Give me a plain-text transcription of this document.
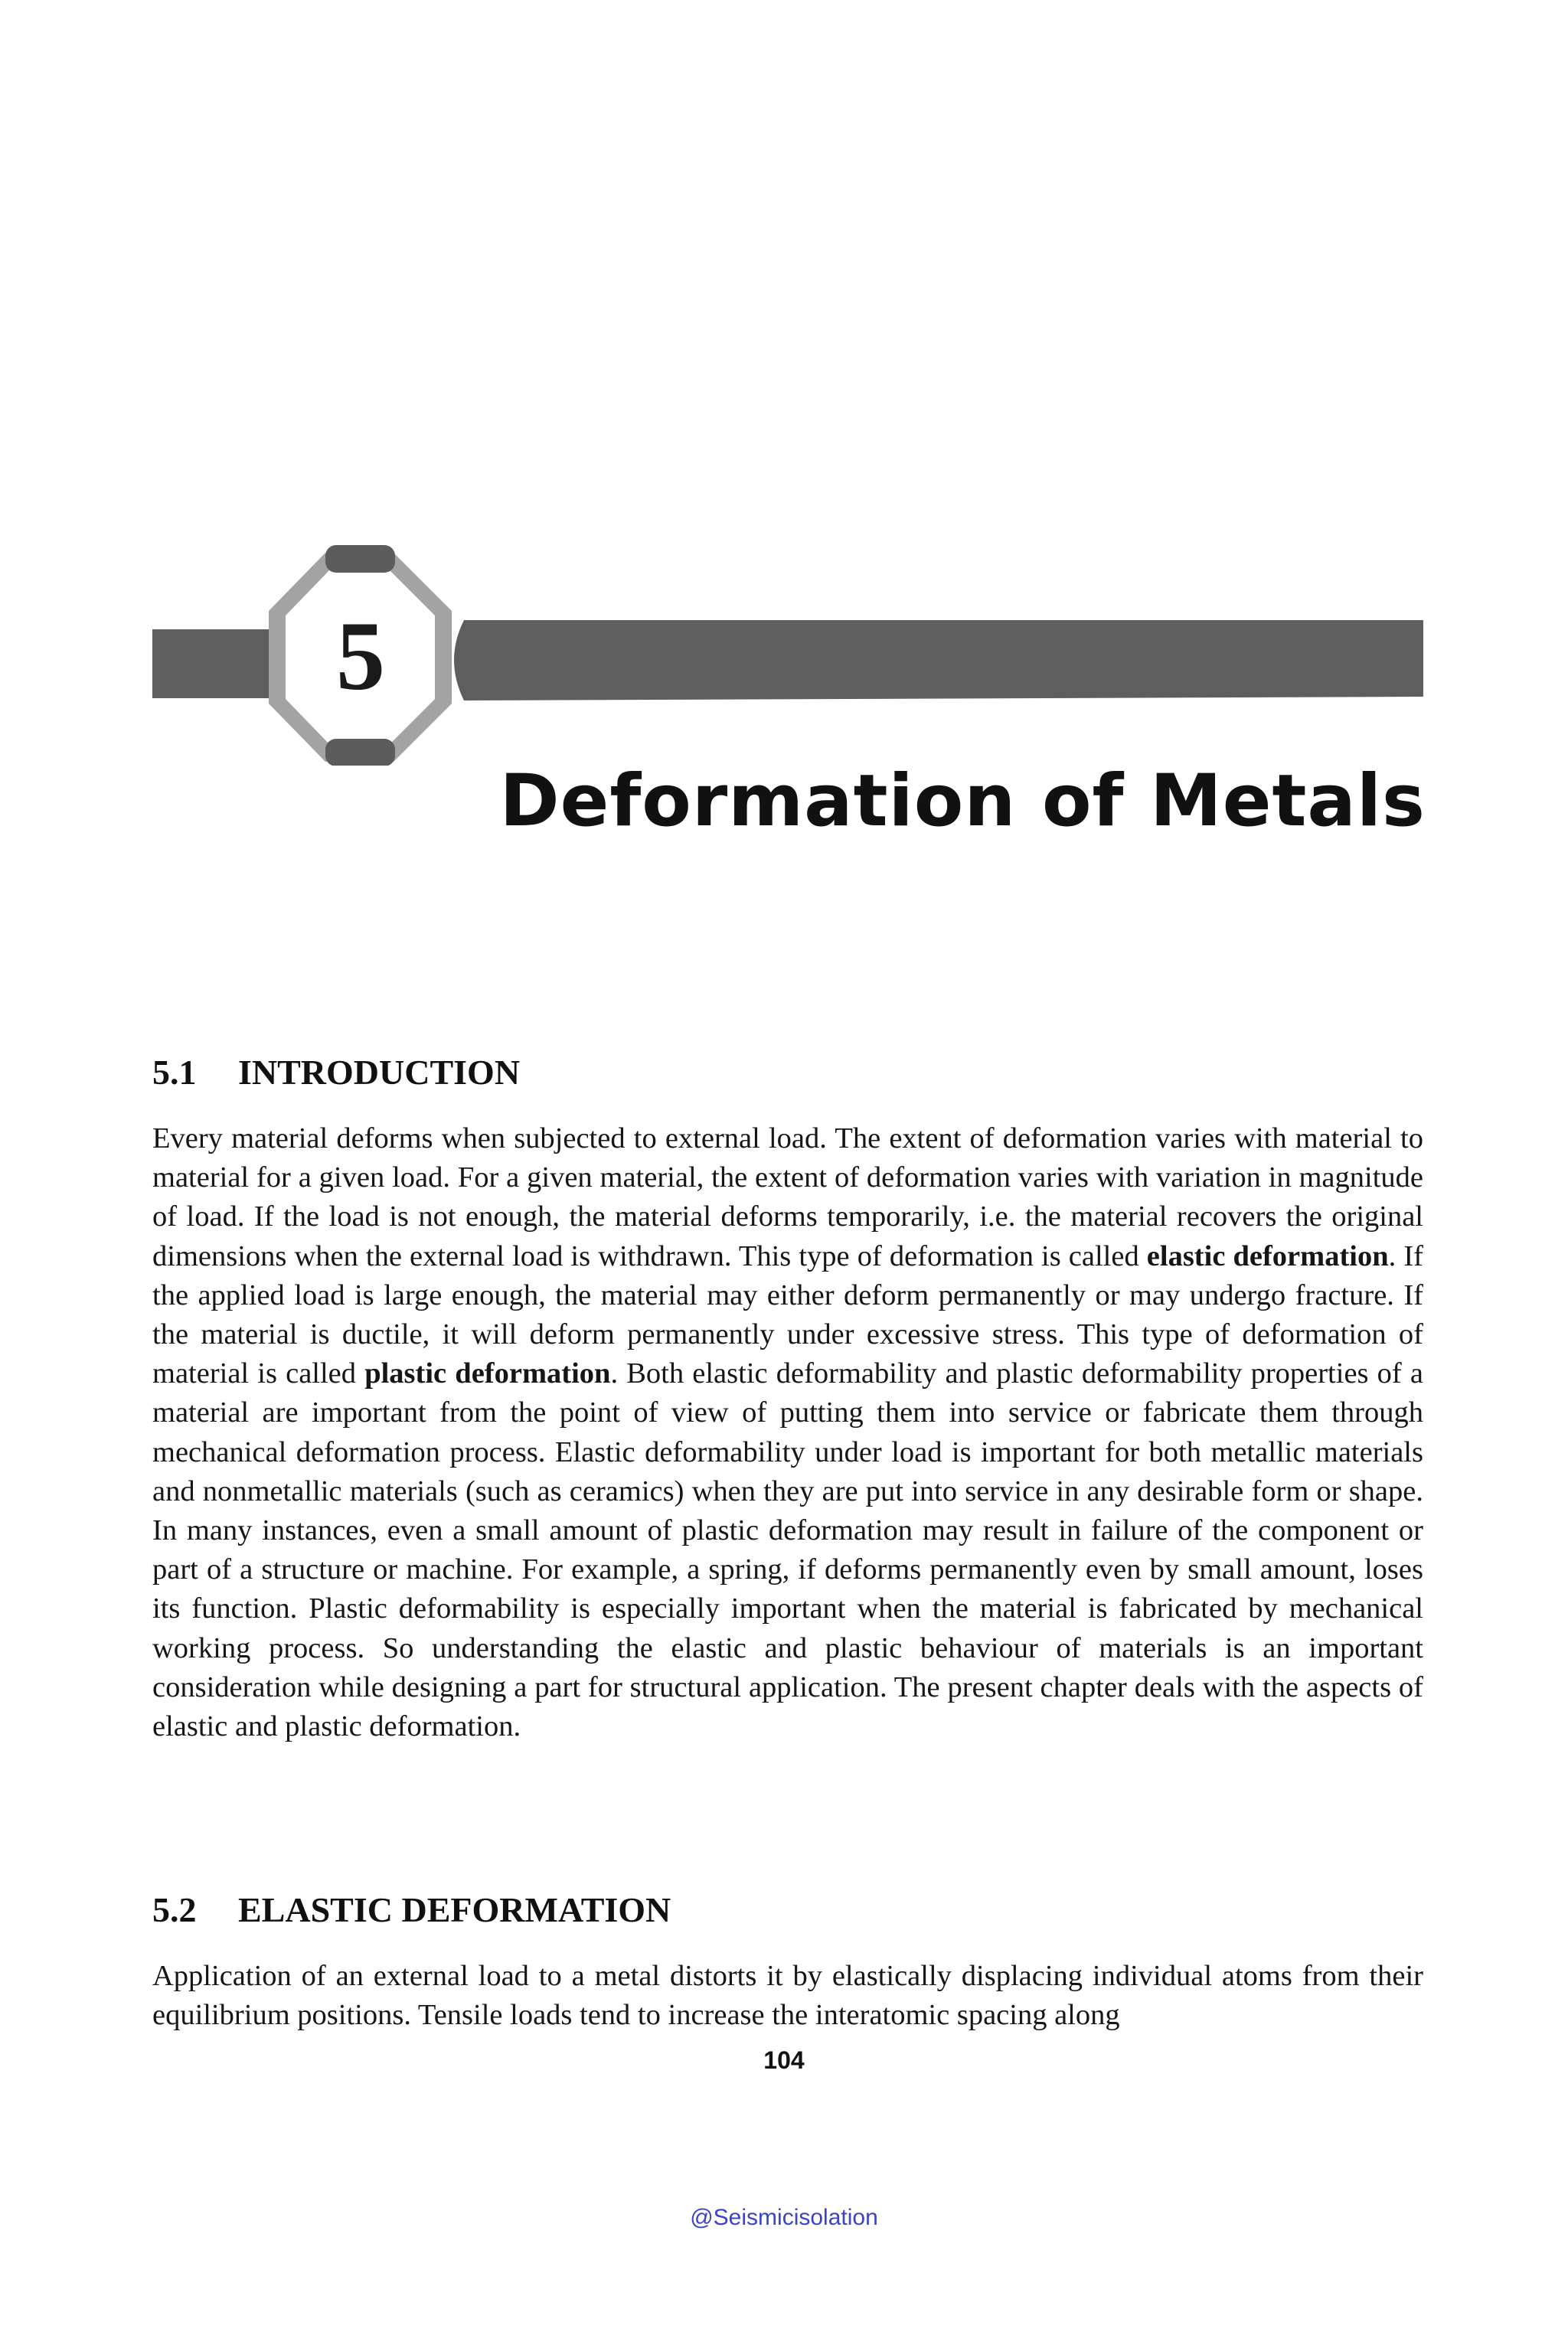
5
Deformation of Metals
5.1 INTRODUCTION

Every material deforms when subjected to external load. The extent of deformation varies with material to material for a given load. For a given material, the extent of deformation varies with variation in magnitude of load. If the load is not enough, the material deforms temporarily, i.e. the material recovers the original dimensions when the external load is withdrawn. This type of deformation is called elastic deformation. If the applied load is large enough, the material may either deform permanently or may undergo fracture. If the material is ductile, it will deform permanently under excessive stress. This type of deformation of material is called plastic deformation. Both elastic deformability and plastic deformability properties of a material are important from the point of view of putting them into service or fabricate them through mechanical deformation process. Elastic deformability under load is important for both metallic materials and nonmetallic materials (such as ceramics) when they are put into service in any desirable form or shape. In many instances, even a small amount of plastic deformation may result in failure of the component or part of a structure or machine. For example, a spring, if deforms permanently even by small amount, loses its function. Plastic deformability is especially important when the material is fabricated by mechanical working process. So understanding the elastic and plastic behaviour of materials is an important consideration while designing a part for structural application. The present chapter deals with the aspects of elastic and plastic deformation.

5.2 ELASTIC DEFORMATION

Application of an external load to a metal distorts it by elastically displacing individual atoms from their equilibrium positions. Tensile loads tend to increase the interatomic spacing along

104
@Seismicisolation
